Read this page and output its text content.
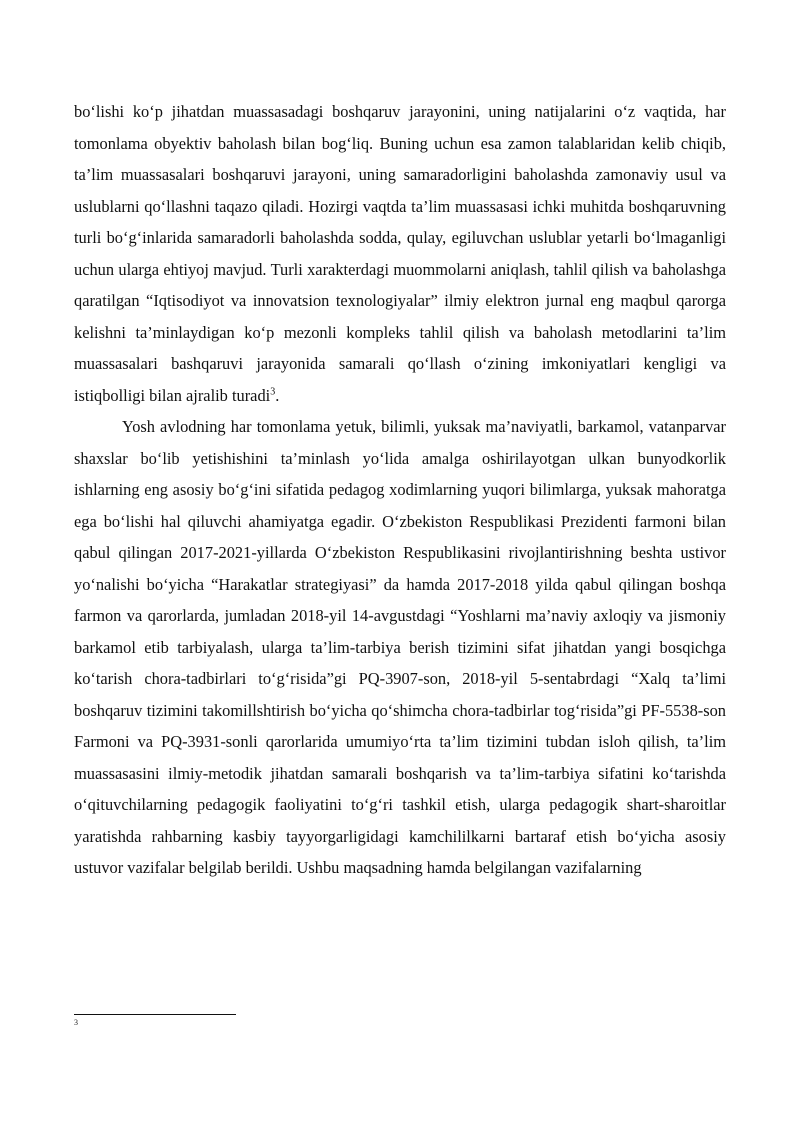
bo‘lishi ko‘p jihatdan muassasadagi boshqaruv jarayonini, uning natijalarini o‘z vaqtida, har tomonlama obyektiv baholash bilan bog‘liq. Buning uchun esa zamon talablaridan kelib chiqib, ta’lim muassasalari boshqaruvi jarayoni, uning samaradorligini baholashda zamonaviy usul va uslublarni qo‘llashni taqazo qiladi. Hozirgi vaqtda ta’lim muassasasi ichki muhitda boshqaruvning turli bo‘g‘inlarida samaradorli baholashda sodda, qulay, egiluvchan uslublar yetarli bo‘lmaganligi uchun ularga ehtiyoj mavjud. Turli xarakterdagi muommolarni aniqlash, tahlil qilish va baholashga qaratilgan “Iqtisodiyot va innovatsion texnologiyalar” ilmiy elektron jurnal eng maqbul qarorga kelishni ta’minlaydigan ko‘p mezonli kompleks tahlil qilish va baholash metodlarini ta’lim muassasalari bashqaruvi jarayonida samarali qo‘llash o‘zining imkoniyatlari kengligi va istiqbolligi bilan ajralib turadi$^3$.

Yosh avlodning har tomonlama yetuk, bilimli, yuksak ma’naviyatli, barkamol, vatanparvar shaxslar bo‘lib yetishishini ta’minlash yo‘lida amalga oshirilayotgan ulkan bunyodkorlik ishlarning eng asosiy bo‘g‘ini sifatida pedagog xodimlarning yuqori bilimlarga, yuksak mahoratga ega bo‘lishi hal qiluvchi ahamiyatga egadir. O‘zbekiston Respublikasi Prezidenti farmoni bilan qabul qilingan 2017-2021-yillarda O‘zbekiston Respublikasini rivojlantirishning beshta ustivor yo‘nalishi bo‘yicha “Harakatlar strategiyasi” da hamda 2017-2018 yilda qabul qilingan boshqa farmon va qarorlarda, jumladan 2018-yil 14-avgustdagi “Yoshlarni ma’naviy axloqiy va jismoniy barkamol etib tarbiyalash, ularga ta’lim-tarbiya berish tizimini sifat jihatdan yangi bosqichga ko‘tarish chora-tadbirlari to‘g‘risida”gi PQ-3907-son, 2018-yil 5-sentabrdagi “Xalq ta’limi boshqaruv tizimini takomillshtirish bo‘yicha qo‘shimcha chora-tadbirlar tog‘risida”gi PF-5538-son Farmoni va PQ-3931-sonli qarorlarida umumiyo‘rta ta’lim tizimini tubdan isloh qilish, ta’lim muassasasini ilmiy-metodik jihatdan samarali boshqarish va ta’lim-tarbiya sifatini ko‘tarishda o‘qituvchilarning pedagogik faoliyatini to‘g‘ri tashkil etish, ularga pedagogik shart-sharoitlar yaratishda rahbarning kasbiy tayyorgarligidagi kamchililkarni bartaraf etish bo‘yicha asosiy ustuvor vazifalar belgilab berildi. Ushbu maqsadning hamda belgilangan vazifalarning

3
